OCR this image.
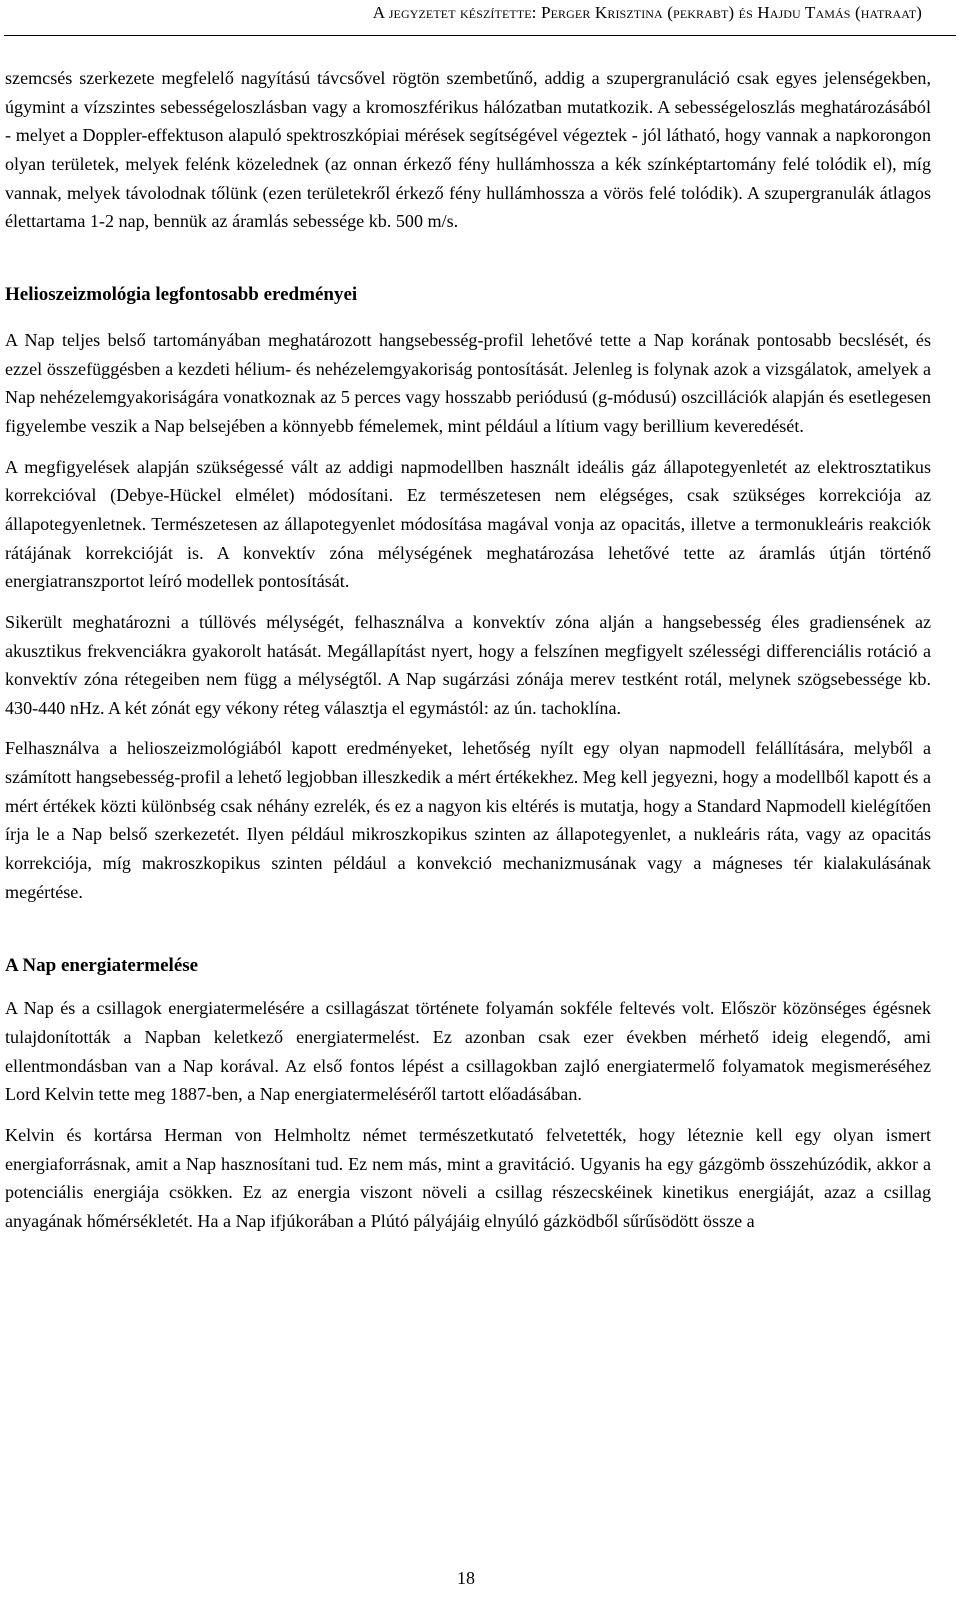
A jegyzetet készítette: Perger Krisztina (pekrabt) és Hajdu Tamás (hatraat)

szemcsés szerkezete megfelelő nagyítású távcsővel rögtön szembetűnő, addig a szupergranuláció csak egyes jelenségekben, úgymint a vízszintes sebességeloszlásban vagy a kromoszférikus hálózatban mutatkozik. A sebességeloszlás meghatározásából - melyet a Doppler-effektuson alapuló spektroszkópiai mérések segítségével végeztek - jól látható, hogy vannak a napkorongon olyan területek, melyek felénk közelednek (az onnan érkező fény hullámhossza a kék színképtartomány felé tolódik el), míg vannak, melyek távolodnak tőlünk (ezen területekről érkező fény hullámhossza a vörös felé tolódik). A szupergranulák átlagos élettartama 1-2 nap, bennük az áramlás sebessége kb. 500 m/s.

Helioszeizmológia legfontosabb eredményei

A Nap teljes belső tartományában meghatározott hangsebesség-profil lehetővé tette a Nap korának pontosabb becslését, és ezzel összefüggésben a kezdeti hélium- és nehézelemgyakoriság pontosítását. Jelenleg is folynak azok a vizsgálatok, amelyek a Nap nehézelemgyakoriságára vonatkoznak az 5 perces vagy hosszabb periódusú (g-módusú) oszcillációk alapján és esetlegesen figyelembe veszik a Nap belsejében a könnyebb fémelemek, mint például a lítium vagy berillium keveredését.

A megfigyelések alapján szükségessé vált az addigi napmodellben használt ideális gáz állapotegyenletét az elektrosztatikus korrekcióval (Debye-Hückel elmélet) módosítani. Ez természetesen nem elégséges, csak szükséges korrekciója az állapotegyenletnek. Természetesen az állapotegyenlet módosítása magával vonja az opacitás, illetve a termonukleáris reakciók rátájának korrekcióját is. A konvektív zóna mélységének meghatározása lehetővé tette az áramlás útján történő energiatranszportot leíró modellek pontosítását.

Sikerült meghatározni a túllövés mélységét, felhasználva a konvektív zóna alján a hangsebesség éles gradiensének az akusztikus frekvenciákra gyakorolt hatását. Megállapítást nyert, hogy a felszínen megfigyelt szélességi differenciális rotáció a konvektív zóna rétegeiben nem függ a mélységtől. A Nap sugárzási zónája merev testként rotál, melynek szögsebessége kb. 430-440 nHz. A két zónát egy vékony réteg választja el egymástól: az ún. tachoklína.

Felhasználva a helioszeizmológiából kapott eredményeket, lehetőség nyílt egy olyan napmodell felállítására, melyből a számított hangsebesség-profil a lehető legjobban illeszkedik a mért értékekhez. Meg kell jegyezni, hogy a modellből kapott és a mért értékek közti különbség csak néhány ezrelék, és ez a nagyon kis eltérés is mutatja, hogy a Standard Napmodell kielégítően írja le a Nap belső szerkezetét. Ilyen például mikroszkopikus szinten az állapotegyenlet, a nukleáris ráta, vagy az opacitás korrekciója, míg makroszkopikus szinten például a konvekció mechanizmusának vagy a mágneses tér kialakulásának megértése.

A Nap energiatermelése

A Nap és a csillagok energiatermelésére a csillagászat története folyamán sokféle feltevés volt. Először közönséges égésnek tulajdonították a Napban keletkező energiatermelést. Ez azonban csak ezer években mérhető ideig elegendő, ami ellentmondásban van a Nap korával. Az első fontos lépést a csillagokban zajló energiatermelő folyamatok megismeréséhez Lord Kelvin tette meg 1887-ben, a Nap energiatermeléséről tartott előadásában.

Kelvin és kortársa Herman von Helmholtz német természetkutató felvetették, hogy léteznie kell egy olyan ismert energiaforrásnak, amit a Nap hasznosítani tud. Ez nem más, mint a gravitáció. Ugyanis ha egy gázgömb összehúzódik, akkor a potenciális energiája csökken. Ez az energia viszont növeli a csillag részecskéinek kinetikus energiáját, azaz a csillag anyagának hőmérsékletét. Ha a Nap ifjúkorában a Plútó pályájáig elnyúló gázködből sűrűsödött össze a

18
